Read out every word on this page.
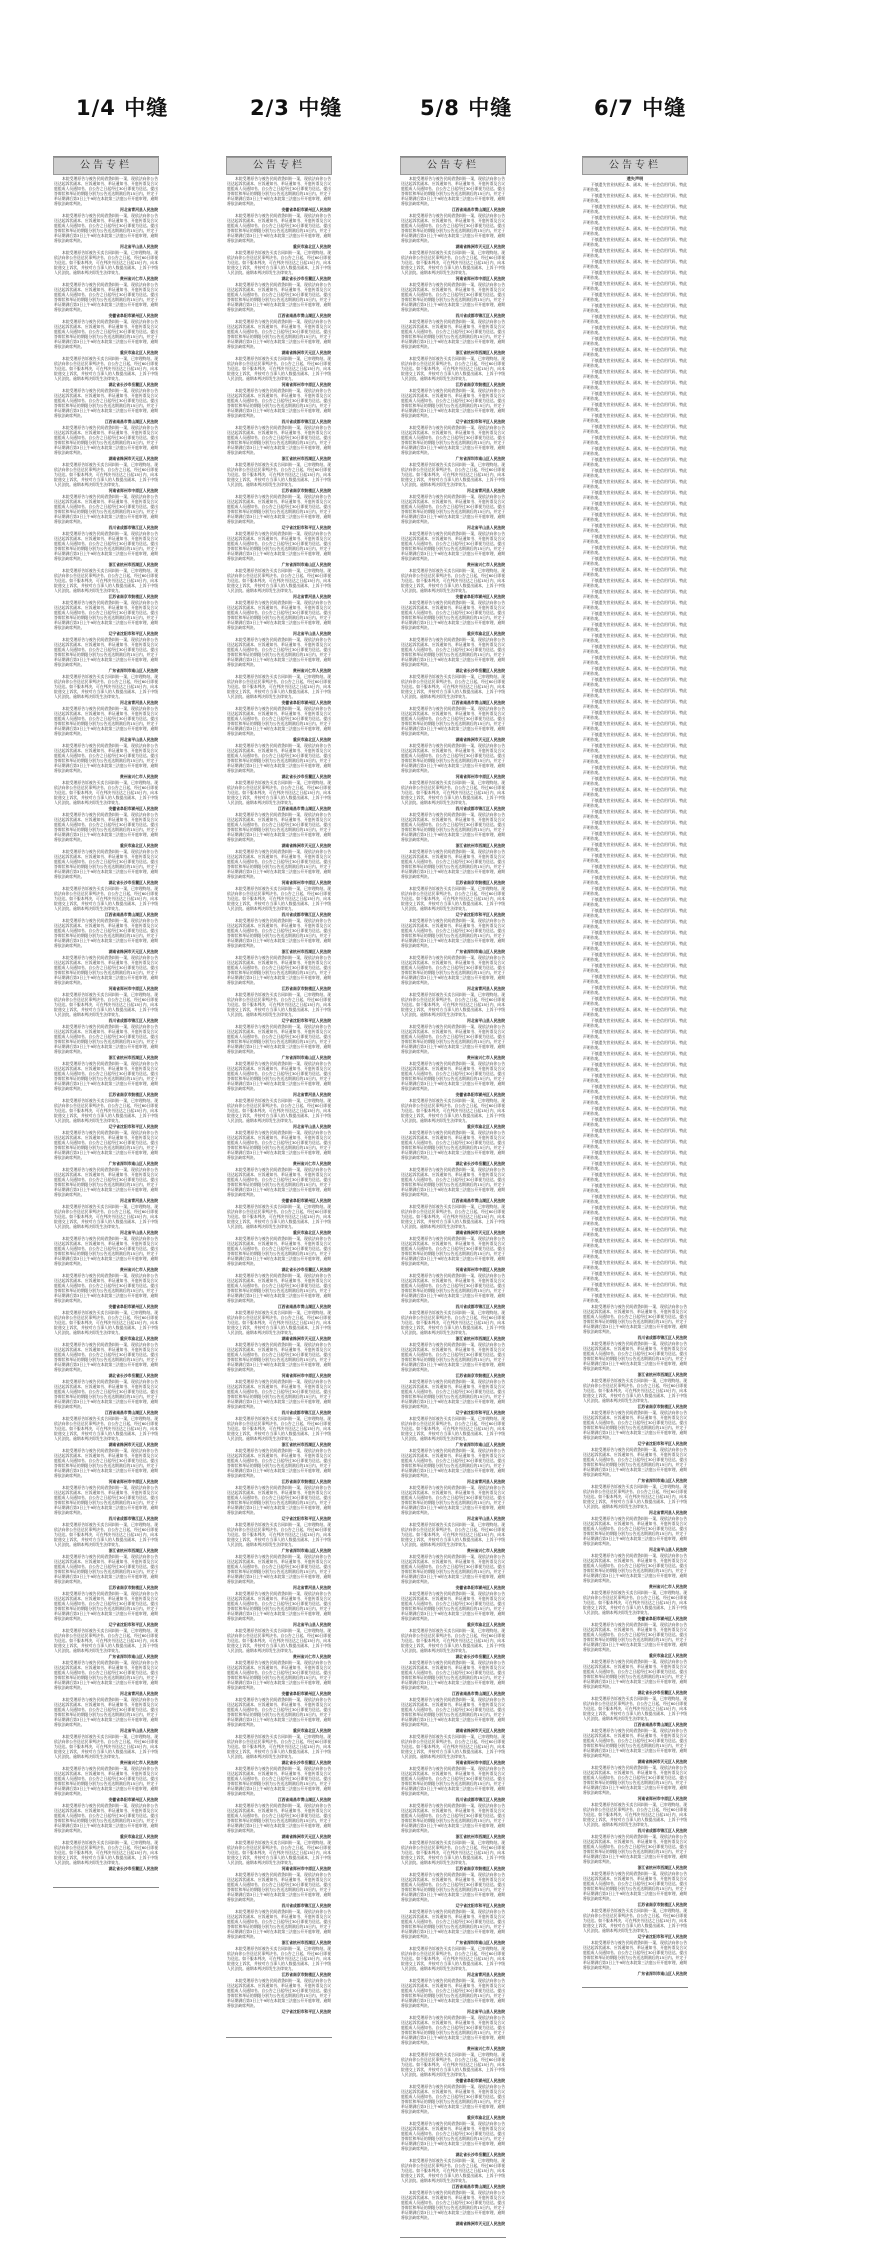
1/4 中缝	2/3 中缝	5/8 中缝	6/7 中缝
公告专栏

本院受理原告与被告民间借贷纠纷一案，现依法向你公告送达起诉状副本、应诉通知书、举证通知书、开庭传票及合议庭组成人员通知书。自公告之日起经过30日即视为送达。提出答辩状和举证的期限分别为公告送达期满后的15日内。并定于举证期满后第3日上午9时在本院第三法庭公开开庭审理，逾期将依法缺席判决。

河北省青河县人民法院

本院受理原告与被告民间借贷纠纷一案，现依法向你公告送达起诉状副本、应诉通知书、举证通知书、开庭传票及合议庭组成人员通知书。自公告之日起经过30日即视为送达。提出答辩状和举证的期限分别为公告送达期满后的15日内。并定于举证期满后第3日上午9时在本院第三法庭公开开庭审理，逾期将依法缺席判决。

河北省平山县人民法院

本院受理原告诉被告买卖合同纠纷一案，已审理终结。现依法向你公告送达民事判决书。自公告之日起，经过60日即视为送达。如不服本判决，可在判决书送达之日起15日内，向本院递交上诉状，并按对方当事人的人数提出副本，上诉于中级人民法院。逾期本判决即发生法律效力。

贵州省兴仁市人民法院

本院受理原告与被告民间借贷纠纷一案，现依法向你公告送达起诉状副本、应诉通知书、举证通知书、开庭传票及合议庭组成人员通知书。自公告之日起经过30日即视为送达。提出答辩状和举证的期限分别为公告送达期满后的15日内。并定于举证期满后第3日上午9时在本院第三法庭公开开庭审理，逾期将依法缺席判决。

安徽省阜阳市颍州区人民法院

本院受理原告与被告民间借贷纠纷一案，现依法向你公告送达起诉状副本、应诉通知书、举证通知书、开庭传票及合议庭组成人员通知书。自公告之日起经过30日即视为送达。提出答辩状和举证的期限分别为公告送达期满后的15日内。并定于举证期满后第3日上午9时在本院第三法庭公开开庭审理，逾期将依法缺席判决。

重庆市渝北区人民法院

本院受理原告诉被告买卖合同纠纷一案，已审理终结。现依法向你公告送达民事判决书。自公告之日起，经过60日即视为送达。如不服本判决，可在判决书送达之日起15日内，向本院递交上诉状，并按对方当事人的人数提出副本，上诉于中级人民法院。逾期本判决即发生法律效力。

湖北省长沙市岳麓区人民法院

本院受理原告与被告民间借贷纠纷一案，现依法向你公告送达起诉状副本、应诉通知书、举证通知书、开庭传票及合议庭组成人员通知书。自公告之日起经过30日即视为送达。提出答辩状和举证的期限分别为公告送达期满后的15日内。并定于举证期满后第3日上午9时在本院第三法庭公开开庭审理，逾期将依法缺席判决。

江西省南昌市青山湖区人民法院

本院受理原告与被告民间借贷纠纷一案，现依法向你公告送达起诉状副本、应诉通知书、举证通知书、开庭传票及合议庭组成人员通知书。自公告之日起经过30日即视为送达。提出答辩状和举证的期限分别为公告送达期满后的15日内。并定于举证期满后第3日上午9时在本院第三法庭公开开庭审理，逾期将依法缺席判决。

湖南省株洲市天元区人民法院

本院受理原告诉被告买卖合同纠纷一案，已审理终结。现依法向你公告送达民事判决书。自公告之日起，经过60日即视为送达。如不服本判决，可在判决书送达之日起15日内，向本院递交上诉状，并按对方当事人的人数提出副本，上诉于中级人民法院。逾期本判决即发生法律效力。

河南省郑州市中原区人民法院

本院受理原告与被告民间借贷纠纷一案，现依法向你公告送达起诉状副本、应诉通知书、举证通知书、开庭传票及合议庭组成人员通知书。自公告之日起经过30日即视为送达。提出答辩状和举证的期限分别为公告送达期满后的15日内。并定于举证期满后第3日上午9时在本院第三法庭公开开庭审理，逾期将依法缺席判决。

四川省成都市锦江区人民法院

本院受理原告与被告民间借贷纠纷一案，现依法向你公告送达起诉状副本、应诉通知书、举证通知书、开庭传票及合议庭组成人员通知书。自公告之日起经过30日即视为送达。提出答辩状和举证的期限分别为公告送达期满后的15日内。并定于举证期满后第3日上午9时在本院第三法庭公开开庭审理，逾期将依法缺席判决。

浙江省杭州市西湖区人民法院

本院受理原告诉被告买卖合同纠纷一案，已审理终结。现依法向你公告送达民事判决书。自公告之日起，经过60日即视为送达。如不服本判决，可在判决书送达之日起15日内，向本院递交上诉状，并按对方当事人的人数提出副本，上诉于中级人民法院。逾期本判决即发生法律效力。

江苏省南京市鼓楼区人民法院

本院受理原告与被告民间借贷纠纷一案，现依法向你公告送达起诉状副本、应诉通知书、举证通知书、开庭传票及合议庭组成人员通知书。自公告之日起经过30日即视为送达。提出答辩状和举证的期限分别为公告送达期满后的15日内。并定于举证期满后第3日上午9时在本院第三法庭公开开庭审理，逾期将依法缺席判决。

辽宁省沈阳市和平区人民法院

本院受理原告与被告民间借贷纠纷一案，现依法向你公告送达起诉状副本、应诉通知书、举证通知书、开庭传票及合议庭组成人员通知书。自公告之日起经过30日即视为送达。提出答辩状和举证的期限分别为公告送达期满后的15日内。并定于举证期满后第3日上午9时在本院第三法庭公开开庭审理，逾期将依法缺席判决。

广东省深圳市南山区人民法院

本院受理原告诉被告买卖合同纠纷一案，已审理终结。现依法向你公告送达民事判决书。自公告之日起，经过60日即视为送达。如不服本判决，可在判决书送达之日起15日内，向本院递交上诉状，并按对方当事人的人数提出副本，上诉于中级人民法院。逾期本判决即发生法律效力。

河北省青河县人民法院

本院受理原告与被告民间借贷纠纷一案，现依法向你公告送达起诉状副本、应诉通知书、举证通知书、开庭传票及合议庭组成人员通知书。自公告之日起经过30日即视为送达。提出答辩状和举证的期限分别为公告送达期满后的15日内。并定于举证期满后第3日上午9时在本院第三法庭公开开庭审理，逾期将依法缺席判决。

河北省平山县人民法院

本院受理原告与被告民间借贷纠纷一案，现依法向你公告送达起诉状副本、应诉通知书、举证通知书、开庭传票及合议庭组成人员通知书。自公告之日起经过30日即视为送达。提出答辩状和举证的期限分别为公告送达期满后的15日内。并定于举证期满后第3日上午9时在本院第三法庭公开开庭审理，逾期将依法缺席判决。

贵州省兴仁市人民法院

本院受理原告诉被告买卖合同纠纷一案，已审理终结。现依法向你公告送达民事判决书。自公告之日起，经过60日即视为送达。如不服本判决，可在判决书送达之日起15日内，向本院递交上诉状，并按对方当事人的人数提出副本，上诉于中级人民法院。逾期本判决即发生法律效力。

安徽省阜阳市颍州区人民法院

本院受理原告与被告民间借贷纠纷一案，现依法向你公告送达起诉状副本、应诉通知书、举证通知书、开庭传票及合议庭组成人员通知书。自公告之日起经过30日即视为送达。提出答辩状和举证的期限分别为公告送达期满后的15日内。并定于举证期满后第3日上午9时在本院第三法庭公开开庭审理，逾期将依法缺席判决。

重庆市渝北区人民法院

本院受理原告与被告民间借贷纠纷一案，现依法向你公告送达起诉状副本、应诉通知书、举证通知书、开庭传票及合议庭组成人员通知书。自公告之日起经过30日即视为送达。提出答辩状和举证的期限分别为公告送达期满后的15日内。并定于举证期满后第3日上午9时在本院第三法庭公开开庭审理，逾期将依法缺席判决。

湖北省长沙市岳麓区人民法院

本院受理原告诉被告买卖合同纠纷一案，已审理终结。现依法向你公告送达民事判决书。自公告之日起，经过60日即视为送达。如不服本判决，可在判决书送达之日起15日内，向本院递交上诉状，并按对方当事人的人数提出副本，上诉于中级人民法院。逾期本判决即发生法律效力。

江西省南昌市青山湖区人民法院

本院受理原告与被告民间借贷纠纷一案，现依法向你公告送达起诉状副本、应诉通知书、举证通知书、开庭传票及合议庭组成人员通知书。自公告之日起经过30日即视为送达。提出答辩状和举证的期限分别为公告送达期满后的15日内。并定于举证期满后第3日上午9时在本院第三法庭公开开庭审理，逾期将依法缺席判决。

湖南省株洲市天元区人民法院

本院受理原告与被告民间借贷纠纷一案，现依法向你公告送达起诉状副本、应诉通知书、举证通知书、开庭传票及合议庭组成人员通知书。自公告之日起经过30日即视为送达。提出答辩状和举证的期限分别为公告送达期满后的15日内。并定于举证期满后第3日上午9时在本院第三法庭公开开庭审理，逾期将依法缺席判决。

河南省郑州市中原区人民法院

本院受理原告诉被告买卖合同纠纷一案，已审理终结。现依法向你公告送达民事判决书。自公告之日起，经过60日即视为送达。如不服本判决，可在判决书送达之日起15日内，向本院递交上诉状，并按对方当事人的人数提出副本，上诉于中级人民法院。逾期本判决即发生法律效力。

四川省成都市锦江区人民法院

本院受理原告与被告民间借贷纠纷一案，现依法向你公告送达起诉状副本、应诉通知书、举证通知书、开庭传票及合议庭组成人员通知书。自公告之日起经过30日即视为送达。提出答辩状和举证的期限分别为公告送达期满后的15日内。并定于举证期满后第3日上午9时在本院第三法庭公开开庭审理，逾期将依法缺席判决。

浙江省杭州市西湖区人民法院

本院受理原告与被告民间借贷纠纷一案，现依法向你公告送达起诉状副本、应诉通知书、举证通知书、开庭传票及合议庭组成人员通知书。自公告之日起经过30日即视为送达。提出答辩状和举证的期限分别为公告送达期满后的15日内。并定于举证期满后第3日上午9时在本院第三法庭公开开庭审理，逾期将依法缺席判决。

江苏省南京市鼓楼区人民法院

本院受理原告诉被告买卖合同纠纷一案，已审理终结。现依法向你公告送达民事判决书。自公告之日起，经过60日即视为送达。如不服本判决，可在判决书送达之日起15日内，向本院递交上诉状，并按对方当事人的人数提出副本，上诉于中级人民法院。逾期本判决即发生法律效力。

辽宁省沈阳市和平区人民法院

本院受理原告与被告民间借贷纠纷一案，现依法向你公告送达起诉状副本、应诉通知书、举证通知书、开庭传票及合议庭组成人员通知书。自公告之日起经过30日即视为送达。提出答辩状和举证的期限分别为公告送达期满后的15日内。并定于举证期满后第3日上午9时在本院第三法庭公开开庭审理，逾期将依法缺席判决。

广东省深圳市南山区人民法院

本院受理原告与被告民间借贷纠纷一案，现依法向你公告送达起诉状副本、应诉通知书、举证通知书、开庭传票及合议庭组成人员通知书。自公告之日起经过30日即视为送达。提出答辩状和举证的期限分别为公告送达期满后的15日内。并定于举证期满后第3日上午9时在本院第三法庭公开开庭审理，逾期将依法缺席判决。

河北省青河县人民法院

本院受理原告诉被告买卖合同纠纷一案，已审理终结。现依法向你公告送达民事判决书。自公告之日起，经过60日即视为送达。如不服本判决，可在判决书送达之日起15日内，向本院递交上诉状，并按对方当事人的人数提出副本，上诉于中级人民法院。逾期本判决即发生法律效力。

河北省平山县人民法院

本院受理原告与被告民间借贷纠纷一案，现依法向你公告送达起诉状副本、应诉通知书、举证通知书、开庭传票及合议庭组成人员通知书。自公告之日起经过30日即视为送达。提出答辩状和举证的期限分别为公告送达期满后的15日内。并定于举证期满后第3日上午9时在本院第三法庭公开开庭审理，逾期将依法缺席判决。

贵州省兴仁市人民法院

本院受理原告与被告民间借贷纠纷一案，现依法向你公告送达起诉状副本、应诉通知书、举证通知书、开庭传票及合议庭组成人员通知书。自公告之日起经过30日即视为送达。提出答辩状和举证的期限分别为公告送达期满后的15日内。并定于举证期满后第3日上午9时在本院第三法庭公开开庭审理，逾期将依法缺席判决。

安徽省阜阳市颍州区人民法院

本院受理原告诉被告买卖合同纠纷一案，已审理终结。现依法向你公告送达民事判决书。自公告之日起，经过60日即视为送达。如不服本判决，可在判决书送达之日起15日内，向本院递交上诉状，并按对方当事人的人数提出副本，上诉于中级人民法院。逾期本判决即发生法律效力。

重庆市渝北区人民法院

本院受理原告与被告民间借贷纠纷一案，现依法向你公告送达起诉状副本、应诉通知书、举证通知书、开庭传票及合议庭组成人员通知书。自公告之日起经过30日即视为送达。提出答辩状和举证的期限分别为公告送达期满后的15日内。并定于举证期满后第3日上午9时在本院第三法庭公开开庭审理，逾期将依法缺席判决。

湖北省长沙市岳麓区人民法院

本院受理原告与被告民间借贷纠纷一案，现依法向你公告送达起诉状副本、应诉通知书、举证通知书、开庭传票及合议庭组成人员通知书。自公告之日起经过30日即视为送达。提出答辩状和举证的期限分别为公告送达期满后的15日内。并定于举证期满后第3日上午9时在本院第三法庭公开开庭审理，逾期将依法缺席判决。

江西省南昌市青山湖区人民法院

本院受理原告诉被告买卖合同纠纷一案，已审理终结。现依法向你公告送达民事判决书。自公告之日起，经过60日即视为送达。如不服本判决，可在判决书送达之日起15日内，向本院递交上诉状，并按对方当事人的人数提出副本，上诉于中级人民法院。逾期本判决即发生法律效力。

湖南省株洲市天元区人民法院

本院受理原告与被告民间借贷纠纷一案，现依法向你公告送达起诉状副本、应诉通知书、举证通知书、开庭传票及合议庭组成人员通知书。自公告之日起经过30日即视为送达。提出答辩状和举证的期限分别为公告送达期满后的15日内。并定于举证期满后第3日上午9时在本院第三法庭公开开庭审理，逾期将依法缺席判决。

河南省郑州市中原区人民法院

本院受理原告与被告民间借贷纠纷一案，现依法向你公告送达起诉状副本、应诉通知书、举证通知书、开庭传票及合议庭组成人员通知书。自公告之日起经过30日即视为送达。提出答辩状和举证的期限分别为公告送达期满后的15日内。并定于举证期满后第3日上午9时在本院第三法庭公开开庭审理，逾期将依法缺席判决。

四川省成都市锦江区人民法院

本院受理原告诉被告买卖合同纠纷一案，已审理终结。现依法向你公告送达民事判决书。自公告之日起，经过60日即视为送达。如不服本判决，可在判决书送达之日起15日内，向本院递交上诉状，并按对方当事人的人数提出副本，上诉于中级人民法院。逾期本判决即发生法律效力。

浙江省杭州市西湖区人民法院

本院受理原告与被告民间借贷纠纷一案，现依法向你公告送达起诉状副本、应诉通知书、举证通知书、开庭传票及合议庭组成人员通知书。自公告之日起经过30日即视为送达。提出答辩状和举证的期限分别为公告送达期满后的15日内。并定于举证期满后第3日上午9时在本院第三法庭公开开庭审理，逾期将依法缺席判决。

江苏省南京市鼓楼区人民法院

本院受理原告与被告民间借贷纠纷一案，现依法向你公告送达起诉状副本、应诉通知书、举证通知书、开庭传票及合议庭组成人员通知书。自公告之日起经过30日即视为送达。提出答辩状和举证的期限分别为公告送达期满后的15日内。并定于举证期满后第3日上午9时在本院第三法庭公开开庭审理，逾期将依法缺席判决。

辽宁省沈阳市和平区人民法院

本院受理原告诉被告买卖合同纠纷一案，已审理终结。现依法向你公告送达民事判决书。自公告之日起，经过60日即视为送达。如不服本判决，可在判决书送达之日起15日内，向本院递交上诉状，并按对方当事人的人数提出副本，上诉于中级人民法院。逾期本判决即发生法律效力。

广东省深圳市南山区人民法院

本院受理原告与被告民间借贷纠纷一案，现依法向你公告送达起诉状副本、应诉通知书、举证通知书、开庭传票及合议庭组成人员通知书。自公告之日起经过30日即视为送达。提出答辩状和举证的期限分别为公告送达期满后的15日内。并定于举证期满后第3日上午9时在本院第三法庭公开开庭审理，逾期将依法缺席判决。

河北省青河县人民法院

本院受理原告与被告民间借贷纠纷一案，现依法向你公告送达起诉状副本、应诉通知书、举证通知书、开庭传票及合议庭组成人员通知书。自公告之日起经过30日即视为送达。提出答辩状和举证的期限分别为公告送达期满后的15日内。并定于举证期满后第3日上午9时在本院第三法庭公开开庭审理，逾期将依法缺席判决。

河北省平山县人民法院

本院受理原告诉被告买卖合同纠纷一案，已审理终结。现依法向你公告送达民事判决书。自公告之日起，经过60日即视为送达。如不服本判决，可在判决书送达之日起15日内，向本院递交上诉状，并按对方当事人的人数提出副本，上诉于中级人民法院。逾期本判决即发生法律效力。

贵州省兴仁市人民法院

本院受理原告与被告民间借贷纠纷一案，现依法向你公告送达起诉状副本、应诉通知书、举证通知书、开庭传票及合议庭组成人员通知书。自公告之日起经过30日即视为送达。提出答辩状和举证的期限分别为公告送达期满后的15日内。并定于举证期满后第3日上午9时在本院第三法庭公开开庭审理，逾期将依法缺席判决。

安徽省阜阳市颍州区人民法院

本院受理原告与被告民间借贷纠纷一案，现依法向你公告送达起诉状副本、应诉通知书、举证通知书、开庭传票及合议庭组成人员通知书。自公告之日起经过30日即视为送达。提出答辩状和举证的期限分别为公告送达期满后的15日内。并定于举证期满后第3日上午9时在本院第三法庭公开开庭审理，逾期将依法缺席判决。

重庆市渝北区人民法院

本院受理原告诉被告买卖合同纠纷一案，已审理终结。现依法向你公告送达民事判决书。自公告之日起，经过60日即视为送达。如不服本判决，可在判决书送达之日起15日内，向本院递交上诉状，并按对方当事人的人数提出副本，上诉于中级人民法院。逾期本判决即发生法律效力。

湖北省长沙市岳麓区人民法院

公告专栏

本院受理原告与被告民间借贷纠纷一案，现依法向你公告送达起诉状副本、应诉通知书、举证通知书、开庭传票及合议庭组成人员通知书。自公告之日起经过30日即视为送达。提出答辩状和举证的期限分别为公告送达期满后的15日内。并定于举证期满后第3日上午9时在本院第三法庭公开开庭审理，逾期将依法缺席判决。

安徽省阜阳市颍州区人民法院

本院受理原告与被告民间借贷纠纷一案，现依法向你公告送达起诉状副本、应诉通知书、举证通知书、开庭传票及合议庭组成人员通知书。自公告之日起经过30日即视为送达。提出答辩状和举证的期限分别为公告送达期满后的15日内。并定于举证期满后第3日上午9时在本院第三法庭公开开庭审理，逾期将依法缺席判决。

重庆市渝北区人民法院

本院受理原告诉被告买卖合同纠纷一案，已审理终结。现依法向你公告送达民事判决书。自公告之日起，经过60日即视为送达。如不服本判决，可在判决书送达之日起15日内，向本院递交上诉状，并按对方当事人的人数提出副本，上诉于中级人民法院。逾期本判决即发生法律效力。

湖北省长沙市岳麓区人民法院

本院受理原告与被告民间借贷纠纷一案，现依法向你公告送达起诉状副本、应诉通知书、举证通知书、开庭传票及合议庭组成人员通知书。自公告之日起经过30日即视为送达。提出答辩状和举证的期限分别为公告送达期满后的15日内。并定于举证期满后第3日上午9时在本院第三法庭公开开庭审理，逾期将依法缺席判决。

江西省南昌市青山湖区人民法院

本院受理原告与被告民间借贷纠纷一案，现依法向你公告送达起诉状副本、应诉通知书、举证通知书、开庭传票及合议庭组成人员通知书。自公告之日起经过30日即视为送达。提出答辩状和举证的期限分别为公告送达期满后的15日内。并定于举证期满后第3日上午9时在本院第三法庭公开开庭审理，逾期将依法缺席判决。

湖南省株洲市天元区人民法院

本院受理原告诉被告买卖合同纠纷一案，已审理终结。现依法向你公告送达民事判决书。自公告之日起，经过60日即视为送达。如不服本判决，可在判决书送达之日起15日内，向本院递交上诉状，并按对方当事人的人数提出副本，上诉于中级人民法院。逾期本判决即发生法律效力。

河南省郑州市中原区人民法院

本院受理原告与被告民间借贷纠纷一案，现依法向你公告送达起诉状副本、应诉通知书、举证通知书、开庭传票及合议庭组成人员通知书。自公告之日起经过30日即视为送达。提出答辩状和举证的期限分别为公告送达期满后的15日内。并定于举证期满后第3日上午9时在本院第三法庭公开开庭审理，逾期将依法缺席判决。

四川省成都市锦江区人民法院

本院受理原告与被告民间借贷纠纷一案，现依法向你公告送达起诉状副本、应诉通知书、举证通知书、开庭传票及合议庭组成人员通知书。自公告之日起经过30日即视为送达。提出答辩状和举证的期限分别为公告送达期满后的15日内。并定于举证期满后第3日上午9时在本院第三法庭公开开庭审理，逾期将依法缺席判决。

浙江省杭州市西湖区人民法院

本院受理原告诉被告买卖合同纠纷一案，已审理终结。现依法向你公告送达民事判决书。自公告之日起，经过60日即视为送达。如不服本判决，可在判决书送达之日起15日内，向本院递交上诉状，并按对方当事人的人数提出副本，上诉于中级人民法院。逾期本判决即发生法律效力。

江苏省南京市鼓楼区人民法院

本院受理原告与被告民间借贷纠纷一案，现依法向你公告送达起诉状副本、应诉通知书、举证通知书、开庭传票及合议庭组成人员通知书。自公告之日起经过30日即视为送达。提出答辩状和举证的期限分别为公告送达期满后的15日内。并定于举证期满后第3日上午9时在本院第三法庭公开开庭审理，逾期将依法缺席判决。

辽宁省沈阳市和平区人民法院

本院受理原告与被告民间借贷纠纷一案，现依法向你公告送达起诉状副本、应诉通知书、举证通知书、开庭传票及合议庭组成人员通知书。自公告之日起经过30日即视为送达。提出答辩状和举证的期限分别为公告送达期满后的15日内。并定于举证期满后第3日上午9时在本院第三法庭公开开庭审理，逾期将依法缺席判决。

广东省深圳市南山区人民法院

本院受理原告诉被告买卖合同纠纷一案，已审理终结。现依法向你公告送达民事判决书。自公告之日起，经过60日即视为送达。如不服本判决，可在判决书送达之日起15日内，向本院递交上诉状，并按对方当事人的人数提出副本，上诉于中级人民法院。逾期本判决即发生法律效力。

河北省青河县人民法院

本院受理原告与被告民间借贷纠纷一案，现依法向你公告送达起诉状副本、应诉通知书、举证通知书、开庭传票及合议庭组成人员通知书。自公告之日起经过30日即视为送达。提出答辩状和举证的期限分别为公告送达期满后的15日内。并定于举证期满后第3日上午9时在本院第三法庭公开开庭审理，逾期将依法缺席判决。

河北省平山县人民法院

本院受理原告与被告民间借贷纠纷一案，现依法向你公告送达起诉状副本、应诉通知书、举证通知书、开庭传票及合议庭组成人员通知书。自公告之日起经过30日即视为送达。提出答辩状和举证的期限分别为公告送达期满后的15日内。并定于举证期满后第3日上午9时在本院第三法庭公开开庭审理，逾期将依法缺席判决。

贵州省兴仁市人民法院

本院受理原告诉被告买卖合同纠纷一案，已审理终结。现依法向你公告送达民事判决书。自公告之日起，经过60日即视为送达。如不服本判决，可在判决书送达之日起15日内，向本院递交上诉状，并按对方当事人的人数提出副本，上诉于中级人民法院。逾期本判决即发生法律效力。

安徽省阜阳市颍州区人民法院

本院受理原告与被告民间借贷纠纷一案，现依法向你公告送达起诉状副本、应诉通知书、举证通知书、开庭传票及合议庭组成人员通知书。自公告之日起经过30日即视为送达。提出答辩状和举证的期限分别为公告送达期满后的15日内。并定于举证期满后第3日上午9时在本院第三法庭公开开庭审理，逾期将依法缺席判决。

重庆市渝北区人民法院

本院受理原告与被告民间借贷纠纷一案，现依法向你公告送达起诉状副本、应诉通知书、举证通知书、开庭传票及合议庭组成人员通知书。自公告之日起经过30日即视为送达。提出答辩状和举证的期限分别为公告送达期满后的15日内。并定于举证期满后第3日上午9时在本院第三法庭公开开庭审理，逾期将依法缺席判决。

湖北省长沙市岳麓区人民法院

本院受理原告诉被告买卖合同纠纷一案，已审理终结。现依法向你公告送达民事判决书。自公告之日起，经过60日即视为送达。如不服本判决，可在判决书送达之日起15日内，向本院递交上诉状，并按对方当事人的人数提出副本，上诉于中级人民法院。逾期本判决即发生法律效力。

江西省南昌市青山湖区人民法院

本院受理原告与被告民间借贷纠纷一案，现依法向你公告送达起诉状副本、应诉通知书、举证通知书、开庭传票及合议庭组成人员通知书。自公告之日起经过30日即视为送达。提出答辩状和举证的期限分别为公告送达期满后的15日内。并定于举证期满后第3日上午9时在本院第三法庭公开开庭审理，逾期将依法缺席判决。

湖南省株洲市天元区人民法院

本院受理原告与被告民间借贷纠纷一案，现依法向你公告送达起诉状副本、应诉通知书、举证通知书、开庭传票及合议庭组成人员通知书。自公告之日起经过30日即视为送达。提出答辩状和举证的期限分别为公告送达期满后的15日内。并定于举证期满后第3日上午9时在本院第三法庭公开开庭审理，逾期将依法缺席判决。

河南省郑州市中原区人民法院

本院受理原告诉被告买卖合同纠纷一案，已审理终结。现依法向你公告送达民事判决书。自公告之日起，经过60日即视为送达。如不服本判决，可在判决书送达之日起15日内，向本院递交上诉状，并按对方当事人的人数提出副本，上诉于中级人民法院。逾期本判决即发生法律效力。

四川省成都市锦江区人民法院

本院受理原告与被告民间借贷纠纷一案，现依法向你公告送达起诉状副本、应诉通知书、举证通知书、开庭传票及合议庭组成人员通知书。自公告之日起经过30日即视为送达。提出答辩状和举证的期限分别为公告送达期满后的15日内。并定于举证期满后第3日上午9时在本院第三法庭公开开庭审理，逾期将依法缺席判决。

浙江省杭州市西湖区人民法院

本院受理原告与被告民间借贷纠纷一案，现依法向你公告送达起诉状副本、应诉通知书、举证通知书、开庭传票及合议庭组成人员通知书。自公告之日起经过30日即视为送达。提出答辩状和举证的期限分别为公告送达期满后的15日内。并定于举证期满后第3日上午9时在本院第三法庭公开开庭审理，逾期将依法缺席判决。

江苏省南京市鼓楼区人民法院

本院受理原告诉被告买卖合同纠纷一案，已审理终结。现依法向你公告送达民事判决书。自公告之日起，经过60日即视为送达。如不服本判决，可在判决书送达之日起15日内，向本院递交上诉状，并按对方当事人的人数提出副本，上诉于中级人民法院。逾期本判决即发生法律效力。

辽宁省沈阳市和平区人民法院

本院受理原告与被告民间借贷纠纷一案，现依法向你公告送达起诉状副本、应诉通知书、举证通知书、开庭传票及合议庭组成人员通知书。自公告之日起经过30日即视为送达。提出答辩状和举证的期限分别为公告送达期满后的15日内。并定于举证期满后第3日上午9时在本院第三法庭公开开庭审理，逾期将依法缺席判决。

广东省深圳市南山区人民法院

本院受理原告与被告民间借贷纠纷一案，现依法向你公告送达起诉状副本、应诉通知书、举证通知书、开庭传票及合议庭组成人员通知书。自公告之日起经过30日即视为送达。提出答辩状和举证的期限分别为公告送达期满后的15日内。并定于举证期满后第3日上午9时在本院第三法庭公开开庭审理，逾期将依法缺席判决。

河北省青河县人民法院

本院受理原告诉被告买卖合同纠纷一案，已审理终结。现依法向你公告送达民事判决书。自公告之日起，经过60日即视为送达。如不服本判决，可在判决书送达之日起15日内，向本院递交上诉状，并按对方当事人的人数提出副本，上诉于中级人民法院。逾期本判决即发生法律效力。

河北省平山县人民法院

本院受理原告与被告民间借贷纠纷一案，现依法向你公告送达起诉状副本、应诉通知书、举证通知书、开庭传票及合议庭组成人员通知书。自公告之日起经过30日即视为送达。提出答辩状和举证的期限分别为公告送达期满后的15日内。并定于举证期满后第3日上午9时在本院第三法庭公开开庭审理，逾期将依法缺席判决。

贵州省兴仁市人民法院

本院受理原告与被告民间借贷纠纷一案，现依法向你公告送达起诉状副本、应诉通知书、举证通知书、开庭传票及合议庭组成人员通知书。自公告之日起经过30日即视为送达。提出答辩状和举证的期限分别为公告送达期满后的15日内。并定于举证期满后第3日上午9时在本院第三法庭公开开庭审理，逾期将依法缺席判决。

安徽省阜阳市颍州区人民法院

本院受理原告诉被告买卖合同纠纷一案，已审理终结。现依法向你公告送达民事判决书。自公告之日起，经过60日即视为送达。如不服本判决，可在判决书送达之日起15日内，向本院递交上诉状，并按对方当事人的人数提出副本，上诉于中级人民法院。逾期本判决即发生法律效力。

重庆市渝北区人民法院

本院受理原告与被告民间借贷纠纷一案，现依法向你公告送达起诉状副本、应诉通知书、举证通知书、开庭传票及合议庭组成人员通知书。自公告之日起经过30日即视为送达。提出答辩状和举证的期限分别为公告送达期满后的15日内。并定于举证期满后第3日上午9时在本院第三法庭公开开庭审理，逾期将依法缺席判决。

湖北省长沙市岳麓区人民法院

本院受理原告与被告民间借贷纠纷一案，现依法向你公告送达起诉状副本、应诉通知书、举证通知书、开庭传票及合议庭组成人员通知书。自公告之日起经过30日即视为送达。提出答辩状和举证的期限分别为公告送达期满后的15日内。并定于举证期满后第3日上午9时在本院第三法庭公开开庭审理，逾期将依法缺席判决。

江西省南昌市青山湖区人民法院

本院受理原告诉被告买卖合同纠纷一案，已审理终结。现依法向你公告送达民事判决书。自公告之日起，经过60日即视为送达。如不服本判决，可在判决书送达之日起15日内，向本院递交上诉状，并按对方当事人的人数提出副本，上诉于中级人民法院。逾期本判决即发生法律效力。

湖南省株洲市天元区人民法院

本院受理原告与被告民间借贷纠纷一案，现依法向你公告送达起诉状副本、应诉通知书、举证通知书、开庭传票及合议庭组成人员通知书。自公告之日起经过30日即视为送达。提出答辩状和举证的期限分别为公告送达期满后的15日内。并定于举证期满后第3日上午9时在本院第三法庭公开开庭审理，逾期将依法缺席判决。

河南省郑州市中原区人民法院

本院受理原告与被告民间借贷纠纷一案，现依法向你公告送达起诉状副本、应诉通知书、举证通知书、开庭传票及合议庭组成人员通知书。自公告之日起经过30日即视为送达。提出答辩状和举证的期限分别为公告送达期满后的15日内。并定于举证期满后第3日上午9时在本院第三法庭公开开庭审理，逾期将依法缺席判决。

四川省成都市锦江区人民法院

本院受理原告诉被告买卖合同纠纷一案，已审理终结。现依法向你公告送达民事判决书。自公告之日起，经过60日即视为送达。如不服本判决，可在判决书送达之日起15日内，向本院递交上诉状，并按对方当事人的人数提出副本，上诉于中级人民法院。逾期本判决即发生法律效力。

浙江省杭州市西湖区人民法院

本院受理原告与被告民间借贷纠纷一案，现依法向你公告送达起诉状副本、应诉通知书、举证通知书、开庭传票及合议庭组成人员通知书。自公告之日起经过30日即视为送达。提出答辩状和举证的期限分别为公告送达期满后的15日内。并定于举证期满后第3日上午9时在本院第三法庭公开开庭审理，逾期将依法缺席判决。

江苏省南京市鼓楼区人民法院

本院受理原告与被告民间借贷纠纷一案，现依法向你公告送达起诉状副本、应诉通知书、举证通知书、开庭传票及合议庭组成人员通知书。自公告之日起经过30日即视为送达。提出答辩状和举证的期限分别为公告送达期满后的15日内。并定于举证期满后第3日上午9时在本院第三法庭公开开庭审理，逾期将依法缺席判决。

辽宁省沈阳市和平区人民法院

本院受理原告诉被告买卖合同纠纷一案，已审理终结。现依法向你公告送达民事判决书。自公告之日起，经过60日即视为送达。如不服本判决，可在判决书送达之日起15日内，向本院递交上诉状，并按对方当事人的人数提出副本，上诉于中级人民法院。逾期本判决即发生法律效力。

广东省深圳市南山区人民法院

本院受理原告与被告民间借贷纠纷一案，现依法向你公告送达起诉状副本、应诉通知书、举证通知书、开庭传票及合议庭组成人员通知书。自公告之日起经过30日即视为送达。提出答辩状和举证的期限分别为公告送达期满后的15日内。并定于举证期满后第3日上午9时在本院第三法庭公开开庭审理，逾期将依法缺席判决。

河北省青河县人民法院

本院受理原告与被告民间借贷纠纷一案，现依法向你公告送达起诉状副本、应诉通知书、举证通知书、开庭传票及合议庭组成人员通知书。自公告之日起经过30日即视为送达。提出答辩状和举证的期限分别为公告送达期满后的15日内。并定于举证期满后第3日上午9时在本院第三法庭公开开庭审理，逾期将依法缺席判决。

河北省平山县人民法院

本院受理原告诉被告买卖合同纠纷一案，已审理终结。现依法向你公告送达民事判决书。自公告之日起，经过60日即视为送达。如不服本判决，可在判决书送达之日起15日内，向本院递交上诉状，并按对方当事人的人数提出副本，上诉于中级人民法院。逾期本判决即发生法律效力。

贵州省兴仁市人民法院

本院受理原告与被告民间借贷纠纷一案，现依法向你公告送达起诉状副本、应诉通知书、举证通知书、开庭传票及合议庭组成人员通知书。自公告之日起经过30日即视为送达。提出答辩状和举证的期限分别为公告送达期满后的15日内。并定于举证期满后第3日上午9时在本院第三法庭公开开庭审理，逾期将依法缺席判决。

安徽省阜阳市颍州区人民法院

本院受理原告与被告民间借贷纠纷一案，现依法向你公告送达起诉状副本、应诉通知书、举证通知书、开庭传票及合议庭组成人员通知书。自公告之日起经过30日即视为送达。提出答辩状和举证的期限分别为公告送达期满后的15日内。并定于举证期满后第3日上午9时在本院第三法庭公开开庭审理，逾期将依法缺席判决。

重庆市渝北区人民法院

本院受理原告诉被告买卖合同纠纷一案，已审理终结。现依法向你公告送达民事判决书。自公告之日起，经过60日即视为送达。如不服本判决，可在判决书送达之日起15日内，向本院递交上诉状，并按对方当事人的人数提出副本，上诉于中级人民法院。逾期本判决即发生法律效力。

湖北省长沙市岳麓区人民法院

本院受理原告与被告民间借贷纠纷一案，现依法向你公告送达起诉状副本、应诉通知书、举证通知书、开庭传票及合议庭组成人员通知书。自公告之日起经过30日即视为送达。提出答辩状和举证的期限分别为公告送达期满后的15日内。并定于举证期满后第3日上午9时在本院第三法庭公开开庭审理，逾期将依法缺席判决。

江西省南昌市青山湖区人民法院

本院受理原告与被告民间借贷纠纷一案，现依法向你公告送达起诉状副本、应诉通知书、举证通知书、开庭传票及合议庭组成人员通知书。自公告之日起经过30日即视为送达。提出答辩状和举证的期限分别为公告送达期满后的15日内。并定于举证期满后第3日上午9时在本院第三法庭公开开庭审理，逾期将依法缺席判决。

湖南省株洲市天元区人民法院

本院受理原告诉被告买卖合同纠纷一案，已审理终结。现依法向你公告送达民事判决书。自公告之日起，经过60日即视为送达。如不服本判决，可在判决书送达之日起15日内，向本院递交上诉状，并按对方当事人的人数提出副本，上诉于中级人民法院。逾期本判决即发生法律效力。

河南省郑州市中原区人民法院

本院受理原告与被告民间借贷纠纷一案，现依法向你公告送达起诉状副本、应诉通知书、举证通知书、开庭传票及合议庭组成人员通知书。自公告之日起经过30日即视为送达。提出答辩状和举证的期限分别为公告送达期满后的15日内。并定于举证期满后第3日上午9时在本院第三法庭公开开庭审理，逾期将依法缺席判决。

四川省成都市锦江区人民法院

本院受理原告与被告民间借贷纠纷一案，现依法向你公告送达起诉状副本、应诉通知书、举证通知书、开庭传票及合议庭组成人员通知书。自公告之日起经过30日即视为送达。提出答辩状和举证的期限分别为公告送达期满后的15日内。并定于举证期满后第3日上午9时在本院第三法庭公开开庭审理，逾期将依法缺席判决。

浙江省杭州市西湖区人民法院

本院受理原告诉被告买卖合同纠纷一案，已审理终结。现依法向你公告送达民事判决书。自公告之日起，经过60日即视为送达。如不服本判决，可在判决书送达之日起15日内，向本院递交上诉状，并按对方当事人的人数提出副本，上诉于中级人民法院。逾期本判决即发生法律效力。

江苏省南京市鼓楼区人民法院

本院受理原告与被告民间借贷纠纷一案，现依法向你公告送达起诉状副本、应诉通知书、举证通知书、开庭传票及合议庭组成人员通知书。自公告之日起经过30日即视为送达。提出答辩状和举证的期限分别为公告送达期满后的15日内。并定于举证期满后第3日上午9时在本院第三法庭公开开庭审理，逾期将依法缺席判决。

辽宁省沈阳市和平区人民法院

公告专栏

本院受理原告与被告民间借贷纠纷一案，现依法向你公告送达起诉状副本、应诉通知书、举证通知书、开庭传票及合议庭组成人员通知书。自公告之日起经过30日即视为送达。提出答辩状和举证的期限分别为公告送达期满后的15日内。并定于举证期满后第3日上午9时在本院第三法庭公开开庭审理，逾期将依法缺席判决。

江西省南昌市青山湖区人民法院

本院受理原告与被告民间借贷纠纷一案，现依法向你公告送达起诉状副本、应诉通知书、举证通知书、开庭传票及合议庭组成人员通知书。自公告之日起经过30日即视为送达。提出答辩状和举证的期限分别为公告送达期满后的15日内。并定于举证期满后第3日上午9时在本院第三法庭公开开庭审理，逾期将依法缺席判决。

湖南省株洲市天元区人民法院

本院受理原告诉被告买卖合同纠纷一案，已审理终结。现依法向你公告送达民事判决书。自公告之日起，经过60日即视为送达。如不服本判决，可在判决书送达之日起15日内，向本院递交上诉状，并按对方当事人的人数提出副本，上诉于中级人民法院。逾期本判决即发生法律效力。

河南省郑州市中原区人民法院

本院受理原告与被告民间借贷纠纷一案，现依法向你公告送达起诉状副本、应诉通知书、举证通知书、开庭传票及合议庭组成人员通知书。自公告之日起经过30日即视为送达。提出答辩状和举证的期限分别为公告送达期满后的15日内。并定于举证期满后第3日上午9时在本院第三法庭公开开庭审理，逾期将依法缺席判决。

四川省成都市锦江区人民法院

本院受理原告与被告民间借贷纠纷一案，现依法向你公告送达起诉状副本、应诉通知书、举证通知书、开庭传票及合议庭组成人员通知书。自公告之日起经过30日即视为送达。提出答辩状和举证的期限分别为公告送达期满后的15日内。并定于举证期满后第3日上午9时在本院第三法庭公开开庭审理，逾期将依法缺席判决。

浙江省杭州市西湖区人民法院

本院受理原告诉被告买卖合同纠纷一案，已审理终结。现依法向你公告送达民事判决书。自公告之日起，经过60日即视为送达。如不服本判决，可在判决书送达之日起15日内，向本院递交上诉状，并按对方当事人的人数提出副本，上诉于中级人民法院。逾期本判决即发生法律效力。

江苏省南京市鼓楼区人民法院

本院受理原告与被告民间借贷纠纷一案，现依法向你公告送达起诉状副本、应诉通知书、举证通知书、开庭传票及合议庭组成人员通知书。自公告之日起经过30日即视为送达。提出答辩状和举证的期限分别为公告送达期满后的15日内。并定于举证期满后第3日上午9时在本院第三法庭公开开庭审理，逾期将依法缺席判决。

辽宁省沈阳市和平区人民法院

本院受理原告与被告民间借贷纠纷一案，现依法向你公告送达起诉状副本、应诉通知书、举证通知书、开庭传票及合议庭组成人员通知书。自公告之日起经过30日即视为送达。提出答辩状和举证的期限分别为公告送达期满后的15日内。并定于举证期满后第3日上午9时在本院第三法庭公开开庭审理，逾期将依法缺席判决。

广东省深圳市南山区人民法院

本院受理原告诉被告买卖合同纠纷一案，已审理终结。现依法向你公告送达民事判决书。自公告之日起，经过60日即视为送达。如不服本判决，可在判决书送达之日起15日内，向本院递交上诉状，并按对方当事人的人数提出副本，上诉于中级人民法院。逾期本判决即发生法律效力。

河北省青河县人民法院

本院受理原告与被告民间借贷纠纷一案，现依法向你公告送达起诉状副本、应诉通知书、举证通知书、开庭传票及合议庭组成人员通知书。自公告之日起经过30日即视为送达。提出答辩状和举证的期限分别为公告送达期满后的15日内。并定于举证期满后第3日上午9时在本院第三法庭公开开庭审理，逾期将依法缺席判决。

河北省平山县人民法院

本院受理原告与被告民间借贷纠纷一案，现依法向你公告送达起诉状副本、应诉通知书、举证通知书、开庭传票及合议庭组成人员通知书。自公告之日起经过30日即视为送达。提出答辩状和举证的期限分别为公告送达期满后的15日内。并定于举证期满后第3日上午9时在本院第三法庭公开开庭审理，逾期将依法缺席判决。

贵州省兴仁市人民法院

本院受理原告诉被告买卖合同纠纷一案，已审理终结。现依法向你公告送达民事判决书。自公告之日起，经过60日即视为送达。如不服本判决，可在判决书送达之日起15日内，向本院递交上诉状，并按对方当事人的人数提出副本，上诉于中级人民法院。逾期本判决即发生法律效力。

安徽省阜阳市颍州区人民法院

本院受理原告与被告民间借贷纠纷一案，现依法向你公告送达起诉状副本、应诉通知书、举证通知书、开庭传票及合议庭组成人员通知书。自公告之日起经过30日即视为送达。提出答辩状和举证的期限分别为公告送达期满后的15日内。并定于举证期满后第3日上午9时在本院第三法庭公开开庭审理，逾期将依法缺席判决。

重庆市渝北区人民法院

本院受理原告与被告民间借贷纠纷一案，现依法向你公告送达起诉状副本、应诉通知书、举证通知书、开庭传票及合议庭组成人员通知书。自公告之日起经过30日即视为送达。提出答辩状和举证的期限分别为公告送达期满后的15日内。并定于举证期满后第3日上午9时在本院第三法庭公开开庭审理，逾期将依法缺席判决。

湖北省长沙市岳麓区人民法院

本院受理原告诉被告买卖合同纠纷一案，已审理终结。现依法向你公告送达民事判决书。自公告之日起，经过60日即视为送达。如不服本判决，可在判决书送达之日起15日内，向本院递交上诉状，并按对方当事人的人数提出副本，上诉于中级人民法院。逾期本判决即发生法律效力。

江西省南昌市青山湖区人民法院

本院受理原告与被告民间借贷纠纷一案，现依法向你公告送达起诉状副本、应诉通知书、举证通知书、开庭传票及合议庭组成人员通知书。自公告之日起经过30日即视为送达。提出答辩状和举证的期限分别为公告送达期满后的15日内。并定于举证期满后第3日上午9时在本院第三法庭公开开庭审理，逾期将依法缺席判决。

湖南省株洲市天元区人民法院

本院受理原告与被告民间借贷纠纷一案，现依法向你公告送达起诉状副本、应诉通知书、举证通知书、开庭传票及合议庭组成人员通知书。自公告之日起经过30日即视为送达。提出答辩状和举证的期限分别为公告送达期满后的15日内。并定于举证期满后第3日上午9时在本院第三法庭公开开庭审理，逾期将依法缺席判决。

河南省郑州市中原区人民法院

本院受理原告诉被告买卖合同纠纷一案，已审理终结。现依法向你公告送达民事判决书。自公告之日起，经过60日即视为送达。如不服本判决，可在判决书送达之日起15日内，向本院递交上诉状，并按对方当事人的人数提出副本，上诉于中级人民法院。逾期本判决即发生法律效力。

四川省成都市锦江区人民法院

本院受理原告与被告民间借贷纠纷一案，现依法向你公告送达起诉状副本、应诉通知书、举证通知书、开庭传票及合议庭组成人员通知书。自公告之日起经过30日即视为送达。提出答辩状和举证的期限分别为公告送达期满后的15日内。并定于举证期满后第3日上午9时在本院第三法庭公开开庭审理，逾期将依法缺席判决。

浙江省杭州市西湖区人民法院

本院受理原告与被告民间借贷纠纷一案，现依法向你公告送达起诉状副本、应诉通知书、举证通知书、开庭传票及合议庭组成人员通知书。自公告之日起经过30日即视为送达。提出答辩状和举证的期限分别为公告送达期满后的15日内。并定于举证期满后第3日上午9时在本院第三法庭公开开庭审理，逾期将依法缺席判决。

江苏省南京市鼓楼区人民法院

本院受理原告诉被告买卖合同纠纷一案，已审理终结。现依法向你公告送达民事判决书。自公告之日起，经过60日即视为送达。如不服本判决，可在判决书送达之日起15日内，向本院递交上诉状，并按对方当事人的人数提出副本，上诉于中级人民法院。逾期本判决即发生法律效力。

辽宁省沈阳市和平区人民法院

本院受理原告与被告民间借贷纠纷一案，现依法向你公告送达起诉状副本、应诉通知书、举证通知书、开庭传票及合议庭组成人员通知书。自公告之日起经过30日即视为送达。提出答辩状和举证的期限分别为公告送达期满后的15日内。并定于举证期满后第3日上午9时在本院第三法庭公开开庭审理，逾期将依法缺席判决。

广东省深圳市南山区人民法院

本院受理原告与被告民间借贷纠纷一案，现依法向你公告送达起诉状副本、应诉通知书、举证通知书、开庭传票及合议庭组成人员通知书。自公告之日起经过30日即视为送达。提出答辩状和举证的期限分别为公告送达期满后的15日内。并定于举证期满后第3日上午9时在本院第三法庭公开开庭审理，逾期将依法缺席判决。

河北省青河县人民法院

本院受理原告诉被告买卖合同纠纷一案，已审理终结。现依法向你公告送达民事判决书。自公告之日起，经过60日即视为送达。如不服本判决，可在判决书送达之日起15日内，向本院递交上诉状，并按对方当事人的人数提出副本，上诉于中级人民法院。逾期本判决即发生法律效力。

河北省平山县人民法院

本院受理原告与被告民间借贷纠纷一案，现依法向你公告送达起诉状副本、应诉通知书、举证通知书、开庭传票及合议庭组成人员通知书。自公告之日起经过30日即视为送达。提出答辩状和举证的期限分别为公告送达期满后的15日内。并定于举证期满后第3日上午9时在本院第三法庭公开开庭审理，逾期将依法缺席判决。

贵州省兴仁市人民法院

本院受理原告与被告民间借贷纠纷一案，现依法向你公告送达起诉状副本、应诉通知书、举证通知书、开庭传票及合议庭组成人员通知书。自公告之日起经过30日即视为送达。提出答辩状和举证的期限分别为公告送达期满后的15日内。并定于举证期满后第3日上午9时在本院第三法庭公开开庭审理，逾期将依法缺席判决。

安徽省阜阳市颍州区人民法院

本院受理原告诉被告买卖合同纠纷一案，已审理终结。现依法向你公告送达民事判决书。自公告之日起，经过60日即视为送达。如不服本判决，可在判决书送达之日起15日内，向本院递交上诉状，并按对方当事人的人数提出副本，上诉于中级人民法院。逾期本判决即发生法律效力。

重庆市渝北区人民法院

本院受理原告与被告民间借贷纠纷一案，现依法向你公告送达起诉状副本、应诉通知书、举证通知书、开庭传票及合议庭组成人员通知书。自公告之日起经过30日即视为送达。提出答辩状和举证的期限分别为公告送达期满后的15日内。并定于举证期满后第3日上午9时在本院第三法庭公开开庭审理，逾期将依法缺席判决。

湖北省长沙市岳麓区人民法院

本院受理原告与被告民间借贷纠纷一案，现依法向你公告送达起诉状副本、应诉通知书、举证通知书、开庭传票及合议庭组成人员通知书。自公告之日起经过30日即视为送达。提出答辩状和举证的期限分别为公告送达期满后的15日内。并定于举证期满后第3日上午9时在本院第三法庭公开开庭审理，逾期将依法缺席判决。

江西省南昌市青山湖区人民法院

本院受理原告诉被告买卖合同纠纷一案，已审理终结。现依法向你公告送达民事判决书。自公告之日起，经过60日即视为送达。如不服本判决，可在判决书送达之日起15日内，向本院递交上诉状，并按对方当事人的人数提出副本，上诉于中级人民法院。逾期本判决即发生法律效力。

湖南省株洲市天元区人民法院

本院受理原告与被告民间借贷纠纷一案，现依法向你公告送达起诉状副本、应诉通知书、举证通知书、开庭传票及合议庭组成人员通知书。自公告之日起经过30日即视为送达。提出答辩状和举证的期限分别为公告送达期满后的15日内。并定于举证期满后第3日上午9时在本院第三法庭公开开庭审理，逾期将依法缺席判决。

河南省郑州市中原区人民法院

本院受理原告与被告民间借贷纠纷一案，现依法向你公告送达起诉状副本、应诉通知书、举证通知书、开庭传票及合议庭组成人员通知书。自公告之日起经过30日即视为送达。提出答辩状和举证的期限分别为公告送达期满后的15日内。并定于举证期满后第3日上午9时在本院第三法庭公开开庭审理，逾期将依法缺席判决。

四川省成都市锦江区人民法院

本院受理原告诉被告买卖合同纠纷一案，已审理终结。现依法向你公告送达民事判决书。自公告之日起，经过60日即视为送达。如不服本判决，可在判决书送达之日起15日内，向本院递交上诉状，并按对方当事人的人数提出副本，上诉于中级人民法院。逾期本判决即发生法律效力。

浙江省杭州市西湖区人民法院

本院受理原告与被告民间借贷纠纷一案，现依法向你公告送达起诉状副本、应诉通知书、举证通知书、开庭传票及合议庭组成人员通知书。自公告之日起经过30日即视为送达。提出答辩状和举证的期限分别为公告送达期满后的15日内。并定于举证期满后第3日上午9时在本院第三法庭公开开庭审理，逾期将依法缺席判决。

江苏省南京市鼓楼区人民法院

本院受理原告与被告民间借贷纠纷一案，现依法向你公告送达起诉状副本、应诉通知书、举证通知书、开庭传票及合议庭组成人员通知书。自公告之日起经过30日即视为送达。提出答辩状和举证的期限分别为公告送达期满后的15日内。并定于举证期满后第3日上午9时在本院第三法庭公开开庭审理，逾期将依法缺席判决。

辽宁省沈阳市和平区人民法院

本院受理原告诉被告买卖合同纠纷一案，已审理终结。现依法向你公告送达民事判决书。自公告之日起，经过60日即视为送达。如不服本判决，可在判决书送达之日起15日内，向本院递交上诉状，并按对方当事人的人数提出副本，上诉于中级人民法院。逾期本判决即发生法律效力。

广东省深圳市南山区人民法院

本院受理原告与被告民间借贷纠纷一案，现依法向你公告送达起诉状副本、应诉通知书、举证通知书、开庭传票及合议庭组成人员通知书。自公告之日起经过30日即视为送达。提出答辩状和举证的期限分别为公告送达期满后的15日内。并定于举证期满后第3日上午9时在本院第三法庭公开开庭审理，逾期将依法缺席判决。

河北省青河县人民法院

本院受理原告与被告民间借贷纠纷一案，现依法向你公告送达起诉状副本、应诉通知书、举证通知书、开庭传票及合议庭组成人员通知书。自公告之日起经过30日即视为送达。提出答辩状和举证的期限分别为公告送达期满后的15日内。并定于举证期满后第3日上午9时在本院第三法庭公开开庭审理，逾期将依法缺席判决。

河北省平山县人民法院

本院受理原告诉被告买卖合同纠纷一案，已审理终结。现依法向你公告送达民事判决书。自公告之日起，经过60日即视为送达。如不服本判决，可在判决书送达之日起15日内，向本院递交上诉状，并按对方当事人的人数提出副本，上诉于中级人民法院。逾期本判决即发生法律效力。

贵州省兴仁市人民法院

本院受理原告与被告民间借贷纠纷一案，现依法向你公告送达起诉状副本、应诉通知书、举证通知书、开庭传票及合议庭组成人员通知书。自公告之日起经过30日即视为送达。提出答辩状和举证的期限分别为公告送达期满后的15日内。并定于举证期满后第3日上午9时在本院第三法庭公开开庭审理，逾期将依法缺席判决。

安徽省阜阳市颍州区人民法院

本院受理原告与被告民间借贷纠纷一案，现依法向你公告送达起诉状副本、应诉通知书、举证通知书、开庭传票及合议庭组成人员通知书。自公告之日起经过30日即视为送达。提出答辩状和举证的期限分别为公告送达期满后的15日内。并定于举证期满后第3日上午9时在本院第三法庭公开开庭审理，逾期将依法缺席判决。

重庆市渝北区人民法院

本院受理原告诉被告买卖合同纠纷一案，已审理终结。现依法向你公告送达民事判决书。自公告之日起，经过60日即视为送达。如不服本判决，可在判决书送达之日起15日内，向本院递交上诉状，并按对方当事人的人数提出副本，上诉于中级人民法院。逾期本判决即发生法律效力。

湖北省长沙市岳麓区人民法院

本院受理原告与被告民间借贷纠纷一案，现依法向你公告送达起诉状副本、应诉通知书、举证通知书、开庭传票及合议庭组成人员通知书。自公告之日起经过30日即视为送达。提出答辩状和举证的期限分别为公告送达期满后的15日内。并定于举证期满后第3日上午9时在本院第三法庭公开开庭审理，逾期将依法缺席判决。

江西省南昌市青山湖区人民法院

本院受理原告与被告民间借贷纠纷一案，现依法向你公告送达起诉状副本、应诉通知书、举证通知书、开庭传票及合议庭组成人员通知书。自公告之日起经过30日即视为送达。提出答辩状和举证的期限分别为公告送达期满后的15日内。并定于举证期满后第3日上午9时在本院第三法庭公开开庭审理，逾期将依法缺席判决。

湖南省株洲市天元区人民法院

本院受理原告诉被告买卖合同纠纷一案，已审理终结。现依法向你公告送达民事判决书。自公告之日起，经过60日即视为送达。如不服本判决，可在判决书送达之日起15日内，向本院递交上诉状，并按对方当事人的人数提出副本，上诉于中级人民法院。逾期本判决即发生法律效力。

河南省郑州市中原区人民法院

本院受理原告与被告民间借贷纠纷一案，现依法向你公告送达起诉状副本、应诉通知书、举证通知书、开庭传票及合议庭组成人员通知书。自公告之日起经过30日即视为送达。提出答辩状和举证的期限分别为公告送达期满后的15日内。并定于举证期满后第3日上午9时在本院第三法庭公开开庭审理，逾期将依法缺席判决。

四川省成都市锦江区人民法院

本院受理原告与被告民间借贷纠纷一案，现依法向你公告送达起诉状副本、应诉通知书、举证通知书、开庭传票及合议庭组成人员通知书。自公告之日起经过30日即视为送达。提出答辩状和举证的期限分别为公告送达期满后的15日内。并定于举证期满后第3日上午9时在本院第三法庭公开开庭审理，逾期将依法缺席判决。

浙江省杭州市西湖区人民法院

本院受理原告诉被告买卖合同纠纷一案，已审理终结。现依法向你公告送达民事判决书。自公告之日起，经过60日即视为送达。如不服本判决，可在判决书送达之日起15日内，向本院递交上诉状，并按对方当事人的人数提出副本，上诉于中级人民法院。逾期本判决即发生法律效力。

江苏省南京市鼓楼区人民法院

本院受理原告与被告民间借贷纠纷一案，现依法向你公告送达起诉状副本、应诉通知书、举证通知书、开庭传票及合议庭组成人员通知书。自公告之日起经过30日即视为送达。提出答辩状和举证的期限分别为公告送达期满后的15日内。并定于举证期满后第3日上午9时在本院第三法庭公开开庭审理，逾期将依法缺席判决。

辽宁省沈阳市和平区人民法院

本院受理原告与被告民间借贷纠纷一案，现依法向你公告送达起诉状副本、应诉通知书、举证通知书、开庭传票及合议庭组成人员通知书。自公告之日起经过30日即视为送达。提出答辩状和举证的期限分别为公告送达期满后的15日内。并定于举证期满后第3日上午9时在本院第三法庭公开开庭审理，逾期将依法缺席判决。

广东省深圳市南山区人民法院

本院受理原告诉被告买卖合同纠纷一案，已审理终结。现依法向你公告送达民事判决书。自公告之日起，经过60日即视为送达。如不服本判决，可在判决书送达之日起15日内，向本院递交上诉状，并按对方当事人的人数提出副本，上诉于中级人民法院。逾期本判决即发生法律效力。

河北省青河县人民法院

本院受理原告与被告民间借贷纠纷一案，现依法向你公告送达起诉状副本、应诉通知书、举证通知书、开庭传票及合议庭组成人员通知书。自公告之日起经过30日即视为送达。提出答辩状和举证的期限分别为公告送达期满后的15日内。并定于举证期满后第3日上午9时在本院第三法庭公开开庭审理，逾期将依法缺席判决。

河北省平山县人民法院

本院受理原告与被告民间借贷纠纷一案，现依法向你公告送达起诉状副本、应诉通知书、举证通知书、开庭传票及合议庭组成人员通知书。自公告之日起经过30日即视为送达。提出答辩状和举证的期限分别为公告送达期满后的15日内。并定于举证期满后第3日上午9时在本院第三法庭公开开庭审理，逾期将依法缺席判决。

贵州省兴仁市人民法院

本院受理原告诉被告买卖合同纠纷一案，已审理终结。现依法向你公告送达民事判决书。自公告之日起，经过60日即视为送达。如不服本判决，可在判决书送达之日起15日内，向本院递交上诉状，并按对方当事人的人数提出副本，上诉于中级人民法院。逾期本判决即发生法律效力。

安徽省阜阳市颍州区人民法院

本院受理原告与被告民间借贷纠纷一案，现依法向你公告送达起诉状副本、应诉通知书、举证通知书、开庭传票及合议庭组成人员通知书。自公告之日起经过30日即视为送达。提出答辩状和举证的期限分别为公告送达期满后的15日内。并定于举证期满后第3日上午9时在本院第三法庭公开开庭审理，逾期将依法缺席判决。

重庆市渝北区人民法院

本院受理原告与被告民间借贷纠纷一案，现依法向你公告送达起诉状副本、应诉通知书、举证通知书、开庭传票及合议庭组成人员通知书。自公告之日起经过30日即视为送达。提出答辩状和举证的期限分别为公告送达期满后的15日内。并定于举证期满后第3日上午9时在本院第三法庭公开开庭审理，逾期将依法缺席判决。

湖北省长沙市岳麓区人民法院

本院受理原告诉被告买卖合同纠纷一案，已审理终结。现依法向你公告送达民事判决书。自公告之日起，经过60日即视为送达。如不服本判决，可在判决书送达之日起15日内，向本院递交上诉状，并按对方当事人的人数提出副本，上诉于中级人民法院。逾期本判决即发生法律效力。

江西省南昌市青山湖区人民法院

本院受理原告与被告民间借贷纠纷一案，现依法向你公告送达起诉状副本、应诉通知书、举证通知书、开庭传票及合议庭组成人员通知书。自公告之日起经过30日即视为送达。提出答辩状和举证的期限分别为公告送达期满后的15日内。并定于举证期满后第3日上午9时在本院第三法庭公开开庭审理，逾期将依法缺席判决。

湖南省株洲市天元区人民法院

公告专栏

遗失声明

不慎遗失营业执照正本、副本，统一社会信用代码，特此声明作废。

不慎遗失营业执照正本、副本，统一社会信用代码，特此声明作废。

不慎遗失营业执照正本、副本，统一社会信用代码，特此声明作废。

不慎遗失营业执照正本、副本，统一社会信用代码，特此声明作废。

不慎遗失营业执照正本、副本，统一社会信用代码，特此声明作废。

不慎遗失营业执照正本、副本，统一社会信用代码，特此声明作废。

不慎遗失营业执照正本、副本，统一社会信用代码，特此声明作废。

不慎遗失营业执照正本、副本，统一社会信用代码，特此声明作废。

不慎遗失营业执照正本、副本，统一社会信用代码，特此声明作废。

不慎遗失营业执照正本、副本，统一社会信用代码，特此声明作废。

不慎遗失营业执照正本、副本，统一社会信用代码，特此声明作废。

不慎遗失营业执照正本、副本，统一社会信用代码，特此声明作废。

不慎遗失营业执照正本、副本，统一社会信用代码，特此声明作废。

不慎遗失营业执照正本、副本，统一社会信用代码，特此声明作废。

不慎遗失营业执照正本、副本，统一社会信用代码，特此声明作废。

不慎遗失营业执照正本、副本，统一社会信用代码，特此声明作废。

不慎遗失营业执照正本、副本，统一社会信用代码，特此声明作废。

不慎遗失营业执照正本、副本，统一社会信用代码，特此声明作废。

不慎遗失营业执照正本、副本，统一社会信用代码，特此声明作废。

不慎遗失营业执照正本、副本，统一社会信用代码，特此声明作废。

不慎遗失营业执照正本、副本，统一社会信用代码，特此声明作废。

不慎遗失营业执照正本、副本，统一社会信用代码，特此声明作废。

不慎遗失营业执照正本、副本，统一社会信用代码，特此声明作废。

不慎遗失营业执照正本、副本，统一社会信用代码，特此声明作废。

不慎遗失营业执照正本、副本，统一社会信用代码，特此声明作废。

不慎遗失营业执照正本、副本，统一社会信用代码，特此声明作废。

不慎遗失营业执照正本、副本，统一社会信用代码，特此声明作废。

不慎遗失营业执照正本、副本，统一社会信用代码，特此声明作废。

不慎遗失营业执照正本、副本，统一社会信用代码，特此声明作废。

不慎遗失营业执照正本、副本，统一社会信用代码，特此声明作废。

不慎遗失营业执照正本、副本，统一社会信用代码，特此声明作废。

不慎遗失营业执照正本、副本，统一社会信用代码，特此声明作废。

不慎遗失营业执照正本、副本，统一社会信用代码，特此声明作废。

不慎遗失营业执照正本、副本，统一社会信用代码，特此声明作废。

不慎遗失营业执照正本、副本，统一社会信用代码，特此声明作废。

不慎遗失营业执照正本、副本，统一社会信用代码，特此声明作废。

不慎遗失营业执照正本、副本，统一社会信用代码，特此声明作废。

不慎遗失营业执照正本、副本，统一社会信用代码，特此声明作废。

不慎遗失营业执照正本、副本，统一社会信用代码，特此声明作废。

不慎遗失营业执照正本、副本，统一社会信用代码，特此声明作废。

不慎遗失营业执照正本、副本，统一社会信用代码，特此声明作废。

不慎遗失营业执照正本、副本，统一社会信用代码，特此声明作废。

不慎遗失营业执照正本、副本，统一社会信用代码，特此声明作废。

不慎遗失营业执照正本、副本，统一社会信用代码，特此声明作废。

不慎遗失营业执照正本、副本，统一社会信用代码，特此声明作废。

不慎遗失营业执照正本、副本，统一社会信用代码，特此声明作废。

不慎遗失营业执照正本、副本，统一社会信用代码，特此声明作废。

不慎遗失营业执照正本、副本，统一社会信用代码，特此声明作废。

不慎遗失营业执照正本、副本，统一社会信用代码，特此声明作废。

不慎遗失营业执照正本、副本，统一社会信用代码，特此声明作废。

不慎遗失营业执照正本、副本，统一社会信用代码，特此声明作废。

不慎遗失营业执照正本、副本，统一社会信用代码，特此声明作废。

不慎遗失营业执照正本、副本，统一社会信用代码，特此声明作废。

不慎遗失营业执照正本、副本，统一社会信用代码，特此声明作废。

不慎遗失营业执照正本、副本，统一社会信用代码，特此声明作废。

不慎遗失营业执照正本、副本，统一社会信用代码，特此声明作废。

不慎遗失营业执照正本、副本，统一社会信用代码，特此声明作废。

不慎遗失营业执照正本、副本，统一社会信用代码，特此声明作废。

不慎遗失营业执照正本、副本，统一社会信用代码，特此声明作废。

不慎遗失营业执照正本、副本，统一社会信用代码，特此声明作废。

不慎遗失营业执照正本、副本，统一社会信用代码，特此声明作废。

不慎遗失营业执照正本、副本，统一社会信用代码，特此声明作废。

不慎遗失营业执照正本、副本，统一社会信用代码，特此声明作废。

不慎遗失营业执照正本、副本，统一社会信用代码，特此声明作废。

不慎遗失营业执照正本、副本，统一社会信用代码，特此声明作废。

不慎遗失营业执照正本、副本，统一社会信用代码，特此声明作废。

不慎遗失营业执照正本、副本，统一社会信用代码，特此声明作废。

不慎遗失营业执照正本、副本，统一社会信用代码，特此声明作废。

不慎遗失营业执照正本、副本，统一社会信用代码，特此声明作废。

不慎遗失营业执照正本、副本，统一社会信用代码，特此声明作废。

不慎遗失营业执照正本、副本，统一社会信用代码，特此声明作废。

不慎遗失营业执照正本、副本，统一社会信用代码，特此声明作废。

不慎遗失营业执照正本、副本，统一社会信用代码，特此声明作废。

不慎遗失营业执照正本、副本，统一社会信用代码，特此声明作废。

不慎遗失营业执照正本、副本，统一社会信用代码，特此声明作废。

不慎遗失营业执照正本、副本，统一社会信用代码，特此声明作废。

不慎遗失营业执照正本、副本，统一社会信用代码，特此声明作废。

不慎遗失营业执照正本、副本，统一社会信用代码，特此声明作废。

不慎遗失营业执照正本、副本，统一社会信用代码，特此声明作废。

不慎遗失营业执照正本、副本，统一社会信用代码，特此声明作废。

不慎遗失营业执照正本、副本，统一社会信用代码，特此声明作废。

不慎遗失营业执照正本、副本，统一社会信用代码，特此声明作废。

不慎遗失营业执照正本、副本，统一社会信用代码，特此声明作废。

不慎遗失营业执照正本、副本，统一社会信用代码，特此声明作废。

不慎遗失营业执照正本、副本，统一社会信用代码，特此声明作废。

不慎遗失营业执照正本、副本，统一社会信用代码，特此声明作废。

不慎遗失营业执照正本、副本，统一社会信用代码，特此声明作废。

不慎遗失营业执照正本、副本，统一社会信用代码，特此声明作废。

不慎遗失营业执照正本、副本，统一社会信用代码，特此声明作废。

不慎遗失营业执照正本、副本，统一社会信用代码，特此声明作废。

不慎遗失营业执照正本、副本，统一社会信用代码，特此声明作废。

不慎遗失营业执照正本、副本，统一社会信用代码，特此声明作废。

不慎遗失营业执照正本、副本，统一社会信用代码，特此声明作废。

不慎遗失营业执照正本、副本，统一社会信用代码，特此声明作废。

不慎遗失营业执照正本、副本，统一社会信用代码，特此声明作废。

不慎遗失营业执照正本、副本，统一社会信用代码，特此声明作废。

不慎遗失营业执照正本、副本，统一社会信用代码，特此声明作废。

不慎遗失营业执照正本、副本，统一社会信用代码，特此声明作废。

不慎遗失营业执照正本、副本，统一社会信用代码，特此声明作废。

不慎遗失营业执照正本、副本，统一社会信用代码，特此声明作废。

不慎遗失营业执照正本、副本，统一社会信用代码，特此声明作废。

不慎遗失营业执照正本、副本，统一社会信用代码，特此声明作废。

本院受理原告与被告民间借贷纠纷一案，现依法向你公告送达起诉状副本、应诉通知书、举证通知书、开庭传票及合议庭组成人员通知书。自公告之日起经过30日即视为送达。提出答辩状和举证的期限分别为公告送达期满后的15日内。并定于举证期满后第3日上午9时在本院第三法庭公开开庭审理，逾期将依法缺席判决。

四川省成都市锦江区人民法院

本院受理原告与被告民间借贷纠纷一案，现依法向你公告送达起诉状副本、应诉通知书、举证通知书、开庭传票及合议庭组成人员通知书。自公告之日起经过30日即视为送达。提出答辩状和举证的期限分别为公告送达期满后的15日内。并定于举证期满后第3日上午9时在本院第三法庭公开开庭审理，逾期将依法缺席判决。

浙江省杭州市西湖区人民法院

本院受理原告诉被告买卖合同纠纷一案，已审理终结。现依法向你公告送达民事判决书。自公告之日起，经过60日即视为送达。如不服本判决，可在判决书送达之日起15日内，向本院递交上诉状，并按对方当事人的人数提出副本，上诉于中级人民法院。逾期本判决即发生法律效力。

江苏省南京市鼓楼区人民法院

本院受理原告与被告民间借贷纠纷一案，现依法向你公告送达起诉状副本、应诉通知书、举证通知书、开庭传票及合议庭组成人员通知书。自公告之日起经过30日即视为送达。提出答辩状和举证的期限分别为公告送达期满后的15日内。并定于举证期满后第3日上午9时在本院第三法庭公开开庭审理，逾期将依法缺席判决。

辽宁省沈阳市和平区人民法院

本院受理原告与被告民间借贷纠纷一案，现依法向你公告送达起诉状副本、应诉通知书、举证通知书、开庭传票及合议庭组成人员通知书。自公告之日起经过30日即视为送达。提出答辩状和举证的期限分别为公告送达期满后的15日内。并定于举证期满后第3日上午9时在本院第三法庭公开开庭审理，逾期将依法缺席判决。

广东省深圳市南山区人民法院

本院受理原告诉被告买卖合同纠纷一案，已审理终结。现依法向你公告送达民事判决书。自公告之日起，经过60日即视为送达。如不服本判决，可在判决书送达之日起15日内，向本院递交上诉状，并按对方当事人的人数提出副本，上诉于中级人民法院。逾期本判决即发生法律效力。

河北省青河县人民法院

本院受理原告与被告民间借贷纠纷一案，现依法向你公告送达起诉状副本、应诉通知书、举证通知书、开庭传票及合议庭组成人员通知书。自公告之日起经过30日即视为送达。提出答辩状和举证的期限分别为公告送达期满后的15日内。并定于举证期满后第3日上午9时在本院第三法庭公开开庭审理，逾期将依法缺席判决。

河北省平山县人民法院

本院受理原告与被告民间借贷纠纷一案，现依法向你公告送达起诉状副本、应诉通知书、举证通知书、开庭传票及合议庭组成人员通知书。自公告之日起经过30日即视为送达。提出答辩状和举证的期限分别为公告送达期满后的15日内。并定于举证期满后第3日上午9时在本院第三法庭公开开庭审理，逾期将依法缺席判决。

贵州省兴仁市人民法院

本院受理原告诉被告买卖合同纠纷一案，已审理终结。现依法向你公告送达民事判决书。自公告之日起，经过60日即视为送达。如不服本判决，可在判决书送达之日起15日内，向本院递交上诉状，并按对方当事人的人数提出副本，上诉于中级人民法院。逾期本判决即发生法律效力。

安徽省阜阳市颍州区人民法院

本院受理原告与被告民间借贷纠纷一案，现依法向你公告送达起诉状副本、应诉通知书、举证通知书、开庭传票及合议庭组成人员通知书。自公告之日起经过30日即视为送达。提出答辩状和举证的期限分别为公告送达期满后的15日内。并定于举证期满后第3日上午9时在本院第三法庭公开开庭审理，逾期将依法缺席判决。

重庆市渝北区人民法院

本院受理原告与被告民间借贷纠纷一案，现依法向你公告送达起诉状副本、应诉通知书、举证通知书、开庭传票及合议庭组成人员通知书。自公告之日起经过30日即视为送达。提出答辩状和举证的期限分别为公告送达期满后的15日内。并定于举证期满后第3日上午9时在本院第三法庭公开开庭审理，逾期将依法缺席判决。

湖北省长沙市岳麓区人民法院

本院受理原告诉被告买卖合同纠纷一案，已审理终结。现依法向你公告送达民事判决书。自公告之日起，经过60日即视为送达。如不服本判决，可在判决书送达之日起15日内，向本院递交上诉状，并按对方当事人的人数提出副本，上诉于中级人民法院。逾期本判决即发生法律效力。

江西省南昌市青山湖区人民法院

本院受理原告与被告民间借贷纠纷一案，现依法向你公告送达起诉状副本、应诉通知书、举证通知书、开庭传票及合议庭组成人员通知书。自公告之日起经过30日即视为送达。提出答辩状和举证的期限分别为公告送达期满后的15日内。并定于举证期满后第3日上午9时在本院第三法庭公开开庭审理，逾期将依法缺席判决。

湖南省株洲市天元区人民法院

本院受理原告与被告民间借贷纠纷一案，现依法向你公告送达起诉状副本、应诉通知书、举证通知书、开庭传票及合议庭组成人员通知书。自公告之日起经过30日即视为送达。提出答辩状和举证的期限分别为公告送达期满后的15日内。并定于举证期满后第3日上午9时在本院第三法庭公开开庭审理，逾期将依法缺席判决。

河南省郑州市中原区人民法院

本院受理原告诉被告买卖合同纠纷一案，已审理终结。现依法向你公告送达民事判决书。自公告之日起，经过60日即视为送达。如不服本判决，可在判决书送达之日起15日内，向本院递交上诉状，并按对方当事人的人数提出副本，上诉于中级人民法院。逾期本判决即发生法律效力。

四川省成都市锦江区人民法院

本院受理原告与被告民间借贷纠纷一案，现依法向你公告送达起诉状副本、应诉通知书、举证通知书、开庭传票及合议庭组成人员通知书。自公告之日起经过30日即视为送达。提出答辩状和举证的期限分别为公告送达期满后的15日内。并定于举证期满后第3日上午9时在本院第三法庭公开开庭审理，逾期将依法缺席判决。

浙江省杭州市西湖区人民法院

本院受理原告与被告民间借贷纠纷一案，现依法向你公告送达起诉状副本、应诉通知书、举证通知书、开庭传票及合议庭组成人员通知书。自公告之日起经过30日即视为送达。提出答辩状和举证的期限分别为公告送达期满后的15日内。并定于举证期满后第3日上午9时在本院第三法庭公开开庭审理，逾期将依法缺席判决。

江苏省南京市鼓楼区人民法院

本院受理原告诉被告买卖合同纠纷一案，已审理终结。现依法向你公告送达民事判决书。自公告之日起，经过60日即视为送达。如不服本判决，可在判决书送达之日起15日内，向本院递交上诉状，并按对方当事人的人数提出副本，上诉于中级人民法院。逾期本判决即发生法律效力。

辽宁省沈阳市和平区人民法院

本院受理原告与被告民间借贷纠纷一案，现依法向你公告送达起诉状副本、应诉通知书、举证通知书、开庭传票及合议庭组成人员通知书。自公告之日起经过30日即视为送达。提出答辩状和举证的期限分别为公告送达期满后的15日内。并定于举证期满后第3日上午9时在本院第三法庭公开开庭审理，逾期将依法缺席判决。

广东省深圳市南山区人民法院
